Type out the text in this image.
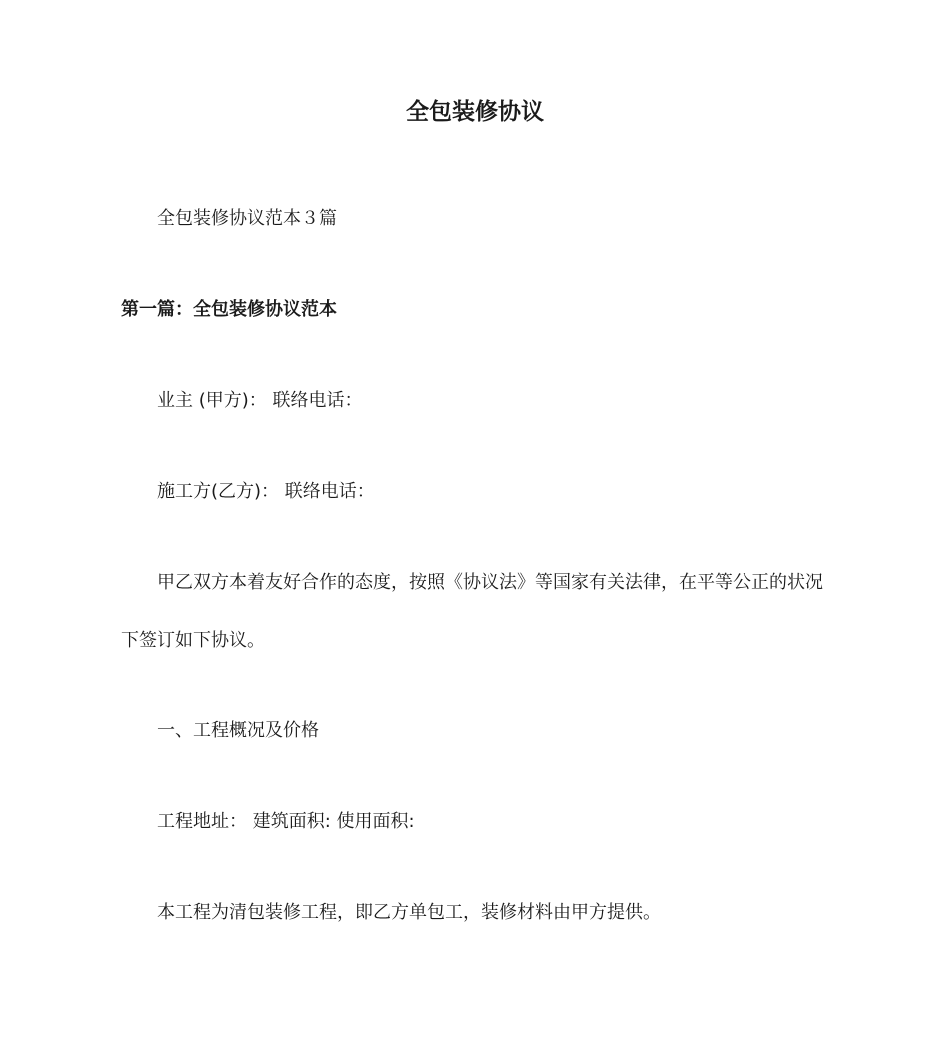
全包装修协议

全包装修协议范本３篇

第一篇：全包装修协议范本

业主 (甲方)： 联络电话：

施工方(乙方)： 联络电话：

甲乙双方本着友好合作的态度，按照《协议法》等国家有关法律，在平等公正的状况

下签订如下协议。

一、工程概况及价格

工程地址： 建筑面积: 使用面积:

本工程为清包装修工程，即乙方单包工，装修材料由甲方提供。
